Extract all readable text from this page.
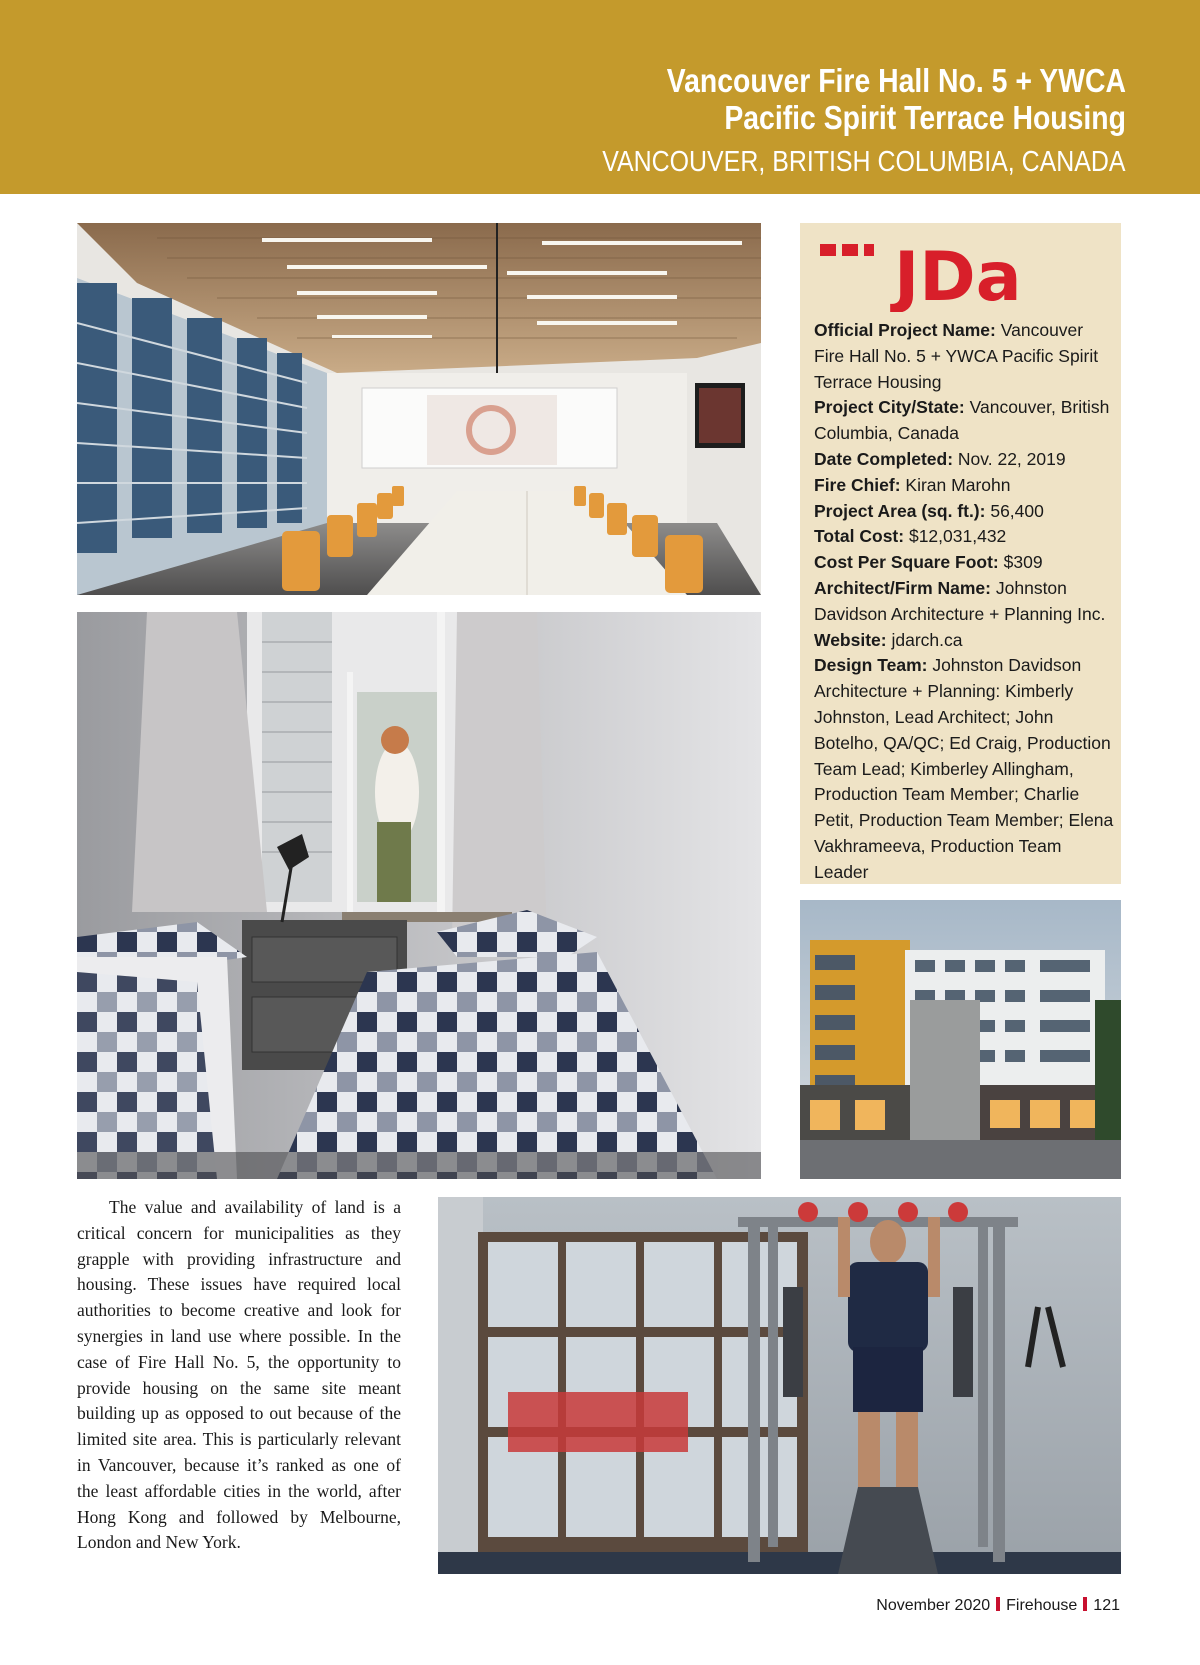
Vancouver Fire Hall No. 5 + YWCA
Pacific Spirit Terrace Housing
VANCOUVER, BRITISH COLUMBIA, CANADA
JDa
Official Project Name: Vancouver Fire Hall No. 5 + YWCA Pacific Spirit Terrace Housing
Project City/State: Vancouver, British Columbia, Canada
Date Completed: Nov. 22, 2019
Fire Chief: Kiran Marohn
Project Area (sq. ft.): 56,400
Total Cost: $12,031,432
Cost Per Square Foot: $309
Architect/Firm Name: Johnston Davidson Architecture + Planning Inc.
Website: jdarch.ca
Design Team: Johnston Davidson Architecture + Planning: Kimberly Johnston, Lead Architect; John Botelho, QA/QC; Ed Craig, Production Team Lead; Kimberley Allingham, Production Team Member; Charlie Petit, Production Team Member; Elena Vakhrameeva, Production Team Leader

The value and availability of land is a critical concern for municipalities as they grapple with providing infrastructure and housing. These issues have required local authorities to become creative and look for synergies in land use where possible. In the case of Fire Hall No. 5, the opportunity to provide housing on the same site meant building up as opposed to out because of the limited site area. This is particularly relevant in Vancouver, because it’s ranked as one of the least affordable cities in the world, after Hong Kong and followed by Melbourne, London and New York.

November 2020 Firehouse 121
